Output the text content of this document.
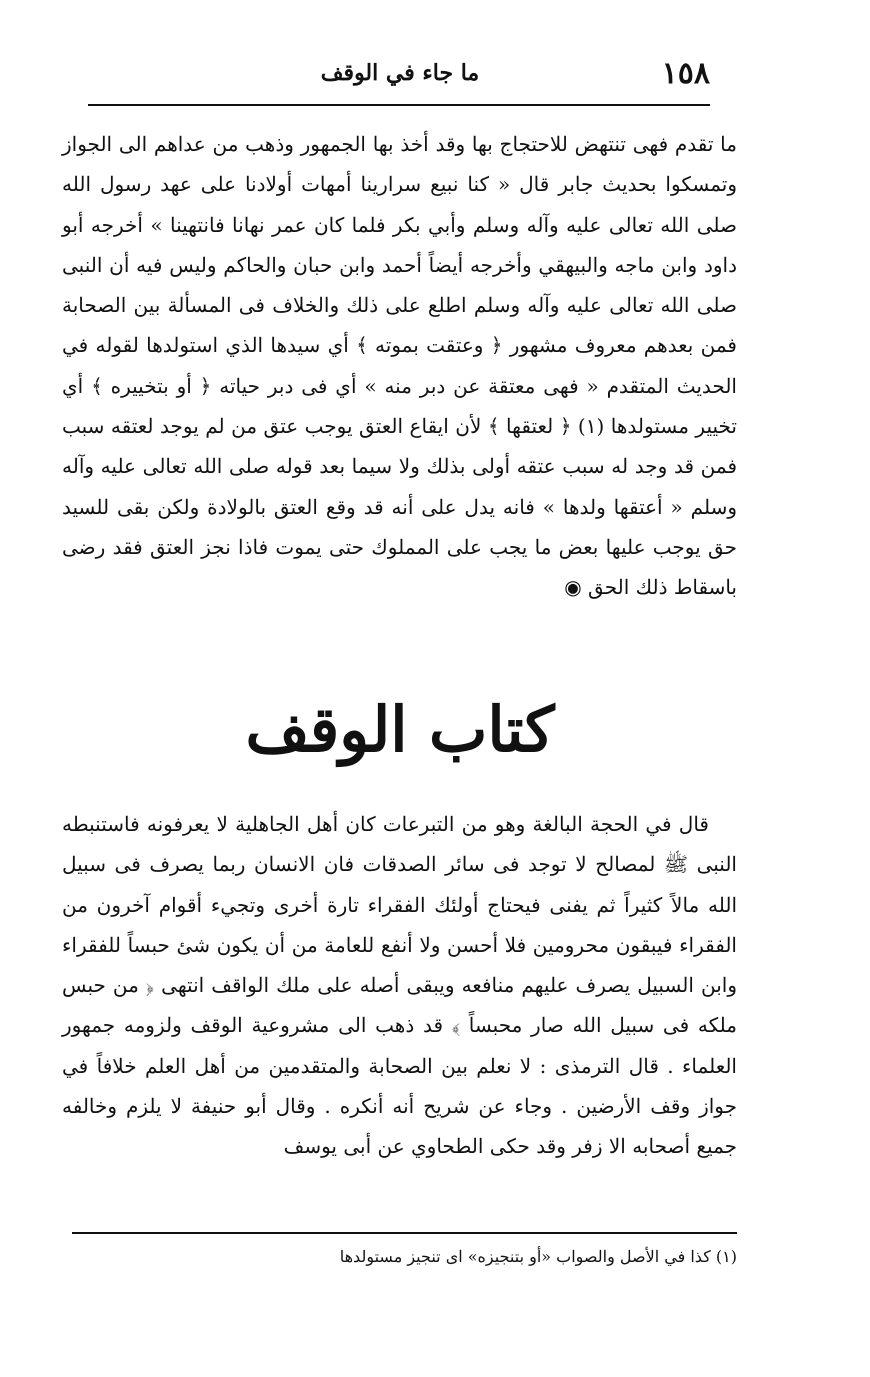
١٥٨
ما جاء في الوقف

ما تقدم فهى تنتهض للاحتجاج بها وقد أخذ بها الجمهور وذهب من عداهم الى الجواز وتمسكوا بحديث جابر قال « كنا نبيع سرارينا أمهات أولادنا على عهد رسول الله صلى الله تعالى عليه وآله وسلم وأبي بكر فلما كان عمر نهانا فانتهينا » أخرجه أبو داود وابن ماجه والبيهقي وأخرجه أيضاً أحمد وابن حبان والحاكم وليس فيه أن النبى صلى الله تعالى عليه وآله وسلم اطلع على ذلك والخلاف فى المسألة بين الصحابة فمن بعدهم معروف مشهور ﴿ وعتقت بموته ﴾ أي سيدها الذي استولدها لقوله في الحديث المتقدم « فهى معتقة عن دبر منه » أي فى دبر حياته ﴿ أو بتخييره ﴾ أي تخيير مستولدها (١) ﴿ لعتقها ﴾ لأن ايقاع العتق يوجب عتق من لم يوجد لعتقه سبب فمن قد وجد له سبب عتقه أولى بذلك ولا سيما بعد قوله صلى الله تعالى عليه وآله وسلم « أعتقها ولدها » فانه يدل على أنه قد وقع العتق بالولادة ولكن بقى للسيد حق يوجب عليها بعض ما يجب على المملوك حتى يموت فاذا نجز العتق فقد رضى باسقاط ذلك الحق ◉

كتاب الوقف

قال في الحجة البالغة وهو من التبرعات كان أهل الجاهلية لا يعرفونه فاستنبطه النبى ﷺ لمصالح لا توجد فى سائر الصدقات فان الانسان ربما يصرف فى سبيل الله مالاً كثيراً ثم يفنى فيحتاج أولئك الفقراء تارة أخرى وتجيء أقوام آخرون من الفقراء فيبقون محرومين فلا أحسن ولا أنفع للعامة من أن يكون شئ حبساً للفقراء وابن السبيل يصرف عليهم منافعه ويبقى أصله على ملك الواقف انتهى ﴿ من حبس ملكه فى سبيل الله صار محبساً ﴾ قد ذهب الى مشروعية الوقف ولزومه جمهور العلماء . قال الترمذى : لا نعلم بين الصحابة والمتقدمين من أهل العلم خلافاً في جواز وقف الأرضين . وجاء عن شريح أنه أنكره . وقال أبو حنيفة لا يلزم وخالفه جميع أصحابه الا زفر وقد حكى الطحاوي عن أبى يوسف

(١) كذا في الأصل والصواب «أو بتنجيزه» اى تنجيز مستولدها
